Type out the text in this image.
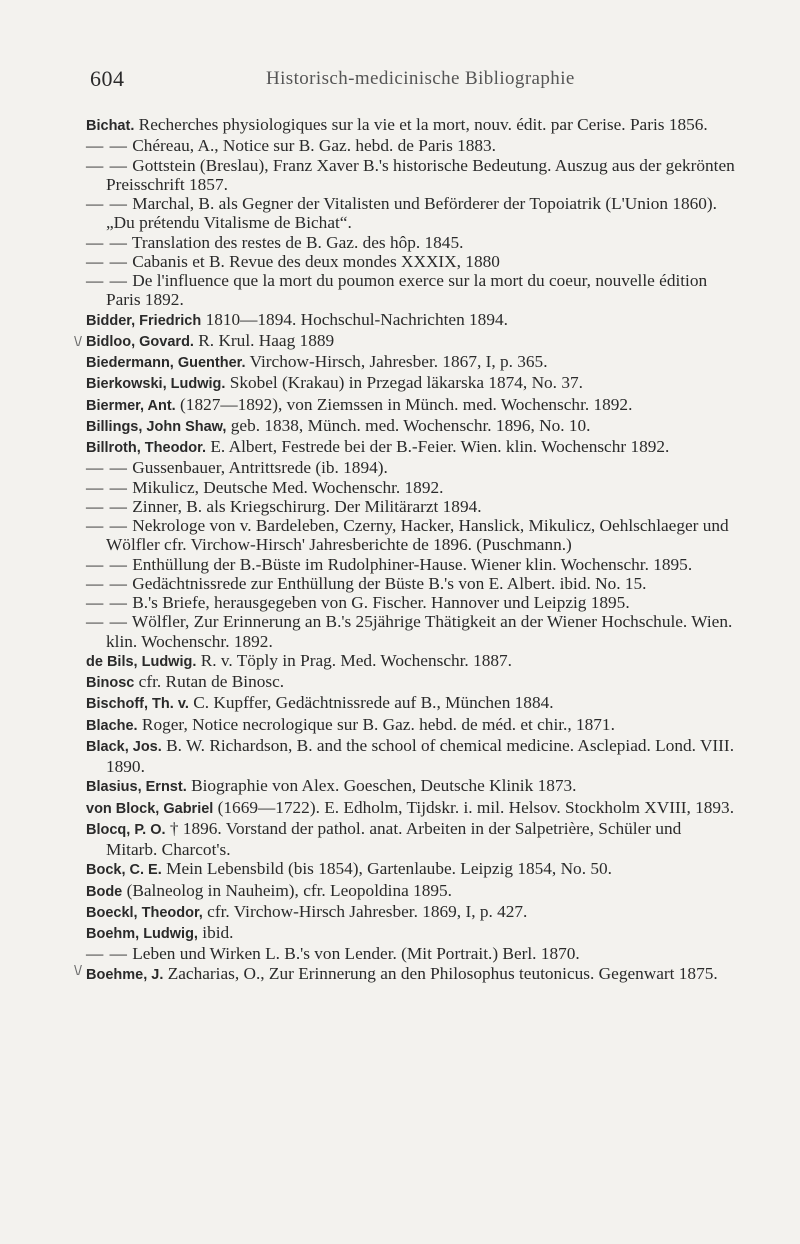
604	Historisch-medicinische Bibliographie

Bichat. Recherches physiologiques sur la vie et la mort, nouv. édit. par Cerise. Paris 1856.

— — Chéreau, A., Notice sur B. Gaz. hebd. de Paris 1883.

— — Gottstein (Breslau), Franz Xaver B.'s historische Bedeutung. Auszug aus der gekrönten Preisschrift 1857.

— — Marchal, B. als Gegner der Vitalisten und Beförderer der Topoiatrik (L'Union 1860). „Du prétendu Vitalisme de Bichat“.

— — Translation des restes de B. Gaz. des hôp. 1845.

— — Cabanis et B. Revue des deux mondes XXXIX, 1880

— — De l'influence que la mort du poumon exerce sur la mort du coeur, nouvelle édition Paris 1892.

Bidder, Friedrich 1810—1894. Hochschul-Nachrichten 1894.

\/ Bidloo, Govard. R. Krul. Haag 1889

Biedermann, Guenther. Virchow-Hirsch, Jahresber. 1867, I, p. 365.

Bierkowski, Ludwig. Skobel (Krakau) in Przegad läkarska 1874, No. 37.

Biermer, Ant. (1827—1892), von Ziemssen in Münch. med. Wochenschr. 1892.

Billings, John Shaw, geb. 1838, Münch. med. Wochenschr. 1896, No. 10.

Billroth, Theodor. E. Albert, Festrede bei der B.-Feier. Wien. klin. Wochenschr 1892.

— — Gussenbauer, Antrittsrede (ib. 1894).

— — Mikulicz, Deutsche Med. Wochenschr. 1892.

— — Zinner, B. als Kriegschirurg. Der Militärarzt 1894.

— — Nekrologe von v. Bardeleben, Czerny, Hacker, Hanslick, Mikulicz, Oehlschlaeger und Wölfler cfr. Virchow-Hirsch' Jahresberichte de 1896. (Puschmann.)

— — Enthüllung der B.-Büste im Rudolphiner-Hause. Wiener klin. Wochenschr. 1895.

— — Gedächtnissrede zur Enthüllung der Büste B.'s von E. Albert. ibid. No. 15.

— — B.'s Briefe, herausgegeben von G. Fischer. Hannover und Leipzig 1895.

— — Wölfler, Zur Erinnerung an B.'s 25jährige Thätigkeit an der Wiener Hochschule. Wien. klin. Wochenschr. 1892.

de Bils, Ludwig. R. v. Töply in Prag. Med. Wochenschr. 1887.

Binosc cfr. Rutan de Binosc.

Bischoff, Th. v. C. Kupffer, Gedächtnissrede auf B., München 1884.

Blache. Roger, Notice necrologique sur B. Gaz. hebd. de méd. et chir., 1871.

Black, Jos. B. W. Richardson, B. and the school of chemical medicine. Asclepiad. Lond. VIII. 1890.

Blasius, Ernst. Biographie von Alex. Goeschen, Deutsche Klinik 1873.

von Block, Gabriel (1669—1722). E. Edholm, Tijdskr. i. mil. Helsov. Stockholm XVIII, 1893.

Blocq, P. O. † 1896. Vorstand der pathol. anat. Arbeiten in der Salpetrière, Schüler und Mitarb. Charcot's.

Bock, C. E. Mein Lebensbild (bis 1854), Gartenlaube. Leipzig 1854, No. 50.

Bode (Balneolog in Nauheim), cfr. Leopoldina 1895.

Boeckl, Theodor, cfr. Virchow-Hirsch Jahresber. 1869, I, p. 427.

Boehm, Ludwig, ibid.

\/
— — Leben und Wirken L. B.'s von Lender. (Mit Portrait.) Berl. 1870.

Boehme, J. Zacharias, O., Zur Erinnerung an den Philosophus teutonicus. Gegenwart 1875.
